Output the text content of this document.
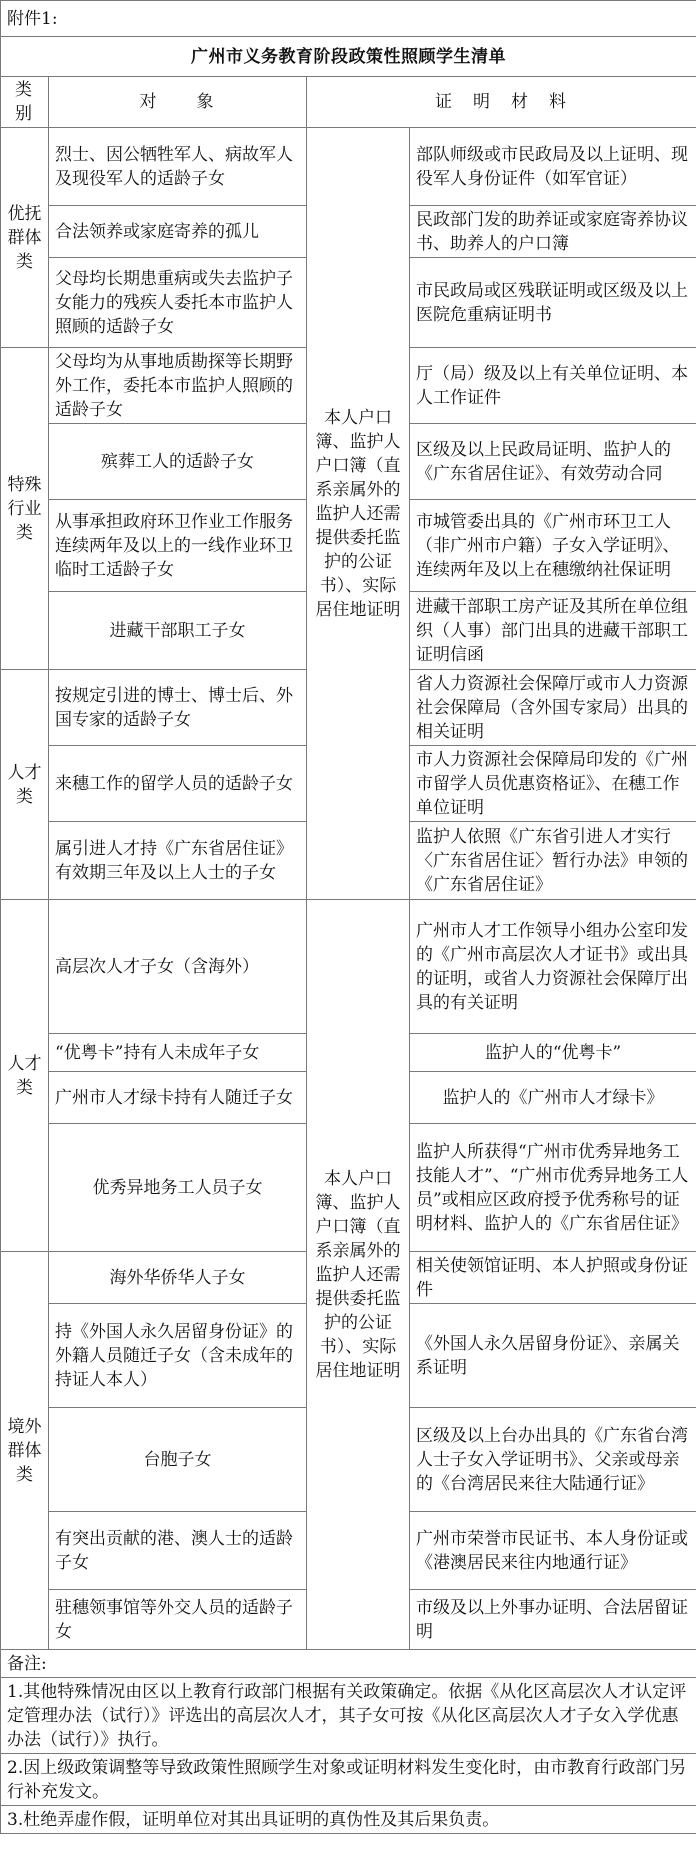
附件1:			
广州市义务教育阶段政策性照顾学生清单			
类别	对　　象	证　明　材　料	
优抚群体类	烈士、因公牺牲军人、病故军人及现役军人的适龄子女	本人户口簿、监护人户口簿（直系亲属外的监护人还需提供委托监护的公证书）、实际居住地证明	部队师级或市民政局及以上证明、现役军人身份证件（如军官证）
	合法领养或家庭寄养的孤儿		民政部门发的助养证或家庭寄养协议书、助养人的户口簿
	父母均长期患重病或失去监护子女能力的残疾人委托本市监护人照顾的适龄子女		市民政局或区残联证明或区级及以上医院危重病证明书
特殊行业类	父母均为从事地质勘探等长期野外工作，委托本市监护人照顾的适龄子女		厅（局）级及以上有关单位证明、本人工作证件
	殡葬工人的适龄子女		区级及以上民政局证明、监护人的《广东省居住证》、有效劳动合同
	从事承担政府环卫作业工作服务连续两年及以上的一线作业环卫临时工适龄子女		市城管委出具的《广州市环卫工人（非广州市户籍）子女入学证明》、连续两年及以上在穗缴纳社保证明
	进藏干部职工子女		进藏干部职工房产证及其所在单位组织（人事）部门出具的进藏干部职工证明信函
人才类	按规定引进的博士、博士后、外国专家的适龄子女		省人力资源社会保障厅或市人力资源社会保障局（含外国专家局）出具的相关证明
	来穗工作的留学人员的适龄子女		市人力资源社会保障局印发的《广州市留学人员优惠资格证》、在穗工作单位证明
	属引进人才持《广东省居住证》有效期三年及以上人士的子女		监护人依照《广东省引进人才实行〈广东省居住证〉暂行办法》申领的《广东省居住证》
人才类	高层次人才子女（含海外）	本人户口簿、监护人户口簿（直系亲属外的监护人还需提供委托监护的公证书）、实际居住地证明	广州市人才工作领导小组办公室印发的《广州市高层次人才证书》或出具的证明，或省人力资源社会保障厅出具的有关证明
	“优粤卡”持有人未成年子女		监护人的“优粤卡”
	广州市人才绿卡持有人随迁子女		监护人的《广州市人才绿卡》
	优秀异地务工人员子女		监护人所获得“广州市优秀异地务工技能人才”、“广州市优秀异地务工人员”或相应区政府授予优秀称号的证明材料、监护人的《广东省居住证》
境外群体类	海外华侨华人子女		相关使领馆证明、本人护照或身份证件
	持《外国人永久居留身份证》的外籍人员随迁子女（含未成年的持证人本人）		《外国人永久居留身份证》、亲属关系证明
	台胞子女		区级及以上台办出具的《广东省台湾人士子女入学证明书》、父亲或母亲的《台湾居民来往大陆通行证》
	有突出贡献的港、澳人士的适龄子女		广州市荣誉市民证书、本人身份证或《港澳居民来往内地通行证》
	驻穗领事馆等外交人员的适龄子女		市级及以上外事办证明、合法居留证明
备注:			
1.其他特殊情况由区以上教育行政部门根据有关政策确定。依据《从化区高层次人才认定评定管理办法（试行）》评选出的高层次人才，其子女可按《从化区高层次人才子女入学优惠办法（试行）》执行。			
2.因上级政策调整等导致政策性照顾学生对象或证明材料发生变化时，由市教育行政部门另行补充发文。			
3.杜绝弄虚作假，证明单位对其出具证明的真伪性及其后果负责。			
